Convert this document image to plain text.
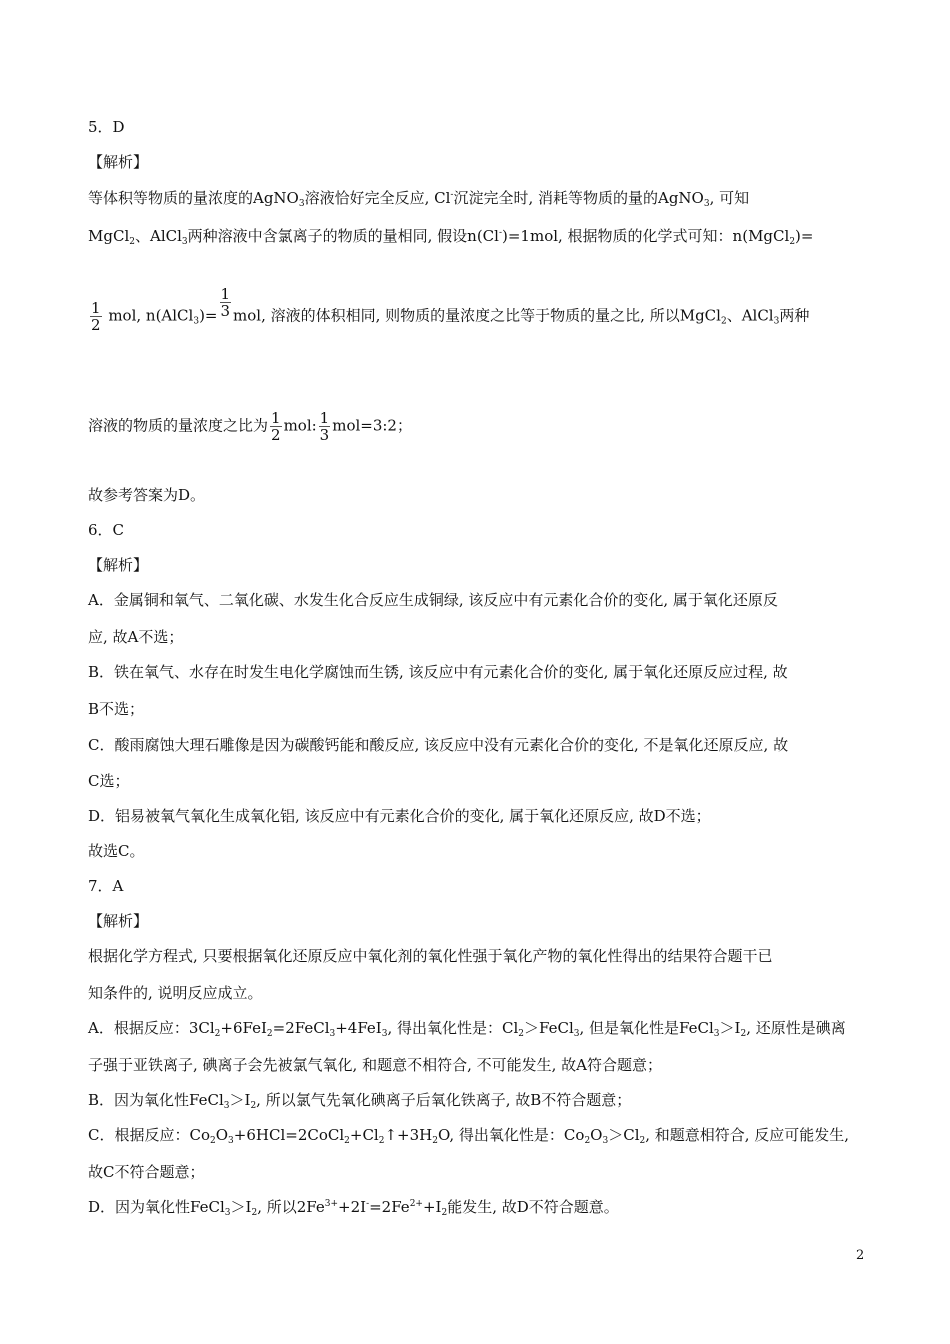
5．D
【解析】
等体积等物质的量浓度的AgNO$_3$溶液恰好完全反应, Cl-沉淀完全时, 消耗等物质的量的AgNO$_3$, 可知
MgCl$_2$、AlCl$_3$两种溶液中含氯离子的物质的量相同, 假设n(Cl-)=1mol, 根据物质的化学式可知：n(MgCl$_2$)=
$\frac{1}{2}$ mol, n(AlCl$_3$)= $\frac{1}{3}$ mol, 溶液的体积相同, 则物质的量浓度之比等于物质的量之比, 所以MgCl$_2$、AlCl$_3$两种
溶液的物质的量浓度之比为 $\frac{1}{2}$ mol: $\frac{1}{3}$ mol=3:2；
故参考答案为D。
6．C
【解析】
A．金属铜和氧气、二氧化碳、水发生化合反应生成铜绿, 该反应中有元素化合价的变化, 属于氧化还原反
应, 故A不选；
B．铁在氧气、水存在时发生电化学腐蚀而生锈, 该反应中有元素化合价的变化, 属于氧化还原反应过程, 故
B不选；
C．酸雨腐蚀大理石雕像是因为碳酸钙能和酸反应, 该反应中没有元素化合价的变化, 不是氧化还原反应, 故
C选；
D．铝易被氧气氧化生成氧化铝, 该反应中有元素化合价的变化, 属于氧化还原反应, 故D不选；
故选C。
7．A
【解析】
根据化学方程式, 只要根据氧化还原反应中氧化剂的氧化性强于氧化产物的氧化性得出的结果符合题干已
知条件的, 说明反应成立。
A．根据反应：$3Cl_2+6FeI_2=2FeCl_3+4FeI_3$, 得出氧化性是：$Cl_2>FeCl_3$, 但是氧化性是$FeCl_3>I_2$, 还原性是碘离
子强于亚铁离子, 碘离子会先被氯气氧化, 和题意不相符合, 不可能发生, 故A符合题意；
B．因为氧化性$FeCl_3>I_2$, 所以氯气先氧化碘离子后氧化铁离子, 故B不符合题意；
C．根据反应：$Co_2O_3+6HCl=2CoCl_2+Cl_2↑+3H_2O$, 得出氧化性是：$Co_2O_3>Cl_2$, 和题意相符合, 反应可能发生,
故C不符合题意；
D．因为氧化性$FeCl_3>I_2$, 所以$2Fe^{3+}+2I^-=2Fe^{2+}+I_2$能发生, 故D不符合题意。
2
